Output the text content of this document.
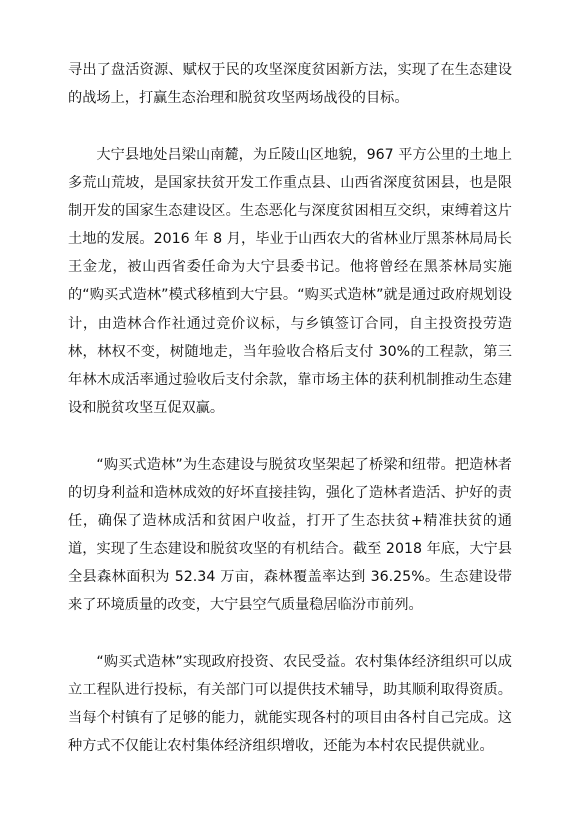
寻出了盘活资源、赋权于民的攻坚深度贫困新方法，实现了在生态建设的战场上，打赢生态治理和脱贫攻坚两场战役的目标。

大宁县地处吕梁山南麓，为丘陵山区地貌，967 平方公里的土地上多荒山荒坡，是国家扶贫开发工作重点县、山西省深度贫困县，也是限制开发的国家生态建设区。生态恶化与深度贫困相互交织，束缚着这片土地的发展。2016 年 8 月，毕业于山西农大的省林业厅黑茶林局局长王金龙，被山西省委任命为大宁县委书记。他将曾经在黑茶林局实施的“购买式造林”模式移植到大宁县。“购买式造林”就是通过政府规划设计，由造林合作社通过竞价议标，与乡镇签订合同，自主投资投劳造林，林权不变，树随地走，当年验收合格后支付 30%的工程款，第三年林木成活率通过验收后支付余款，靠市场主体的获利机制推动生态建设和脱贫攻坚互促双赢。

“购买式造林”为生态建设与脱贫攻坚架起了桥梁和纽带。把造林者的切身利益和造林成效的好坏直接挂钩，强化了造林者造活、护好的责任，确保了造林成活和贫困户收益，打开了生态扶贫+精准扶贫的通道，实现了生态建设和脱贫攻坚的有机结合。截至 2018 年底，大宁县全县森林面积为 52.34 万亩，森林覆盖率达到 36.25%。生态建设带来了环境质量的改变，大宁县空气质量稳居临汾市前列。

“购买式造林”实现政府投资、农民受益。农村集体经济组织可以成立工程队进行投标，有关部门可以提供技术辅导，助其顺利取得资质。当每个村镇有了足够的能力，就能实现各村的项目由各村自己完成。这种方式不仅能让农村集体经济组织增收，还能为本村农民提供就业。
